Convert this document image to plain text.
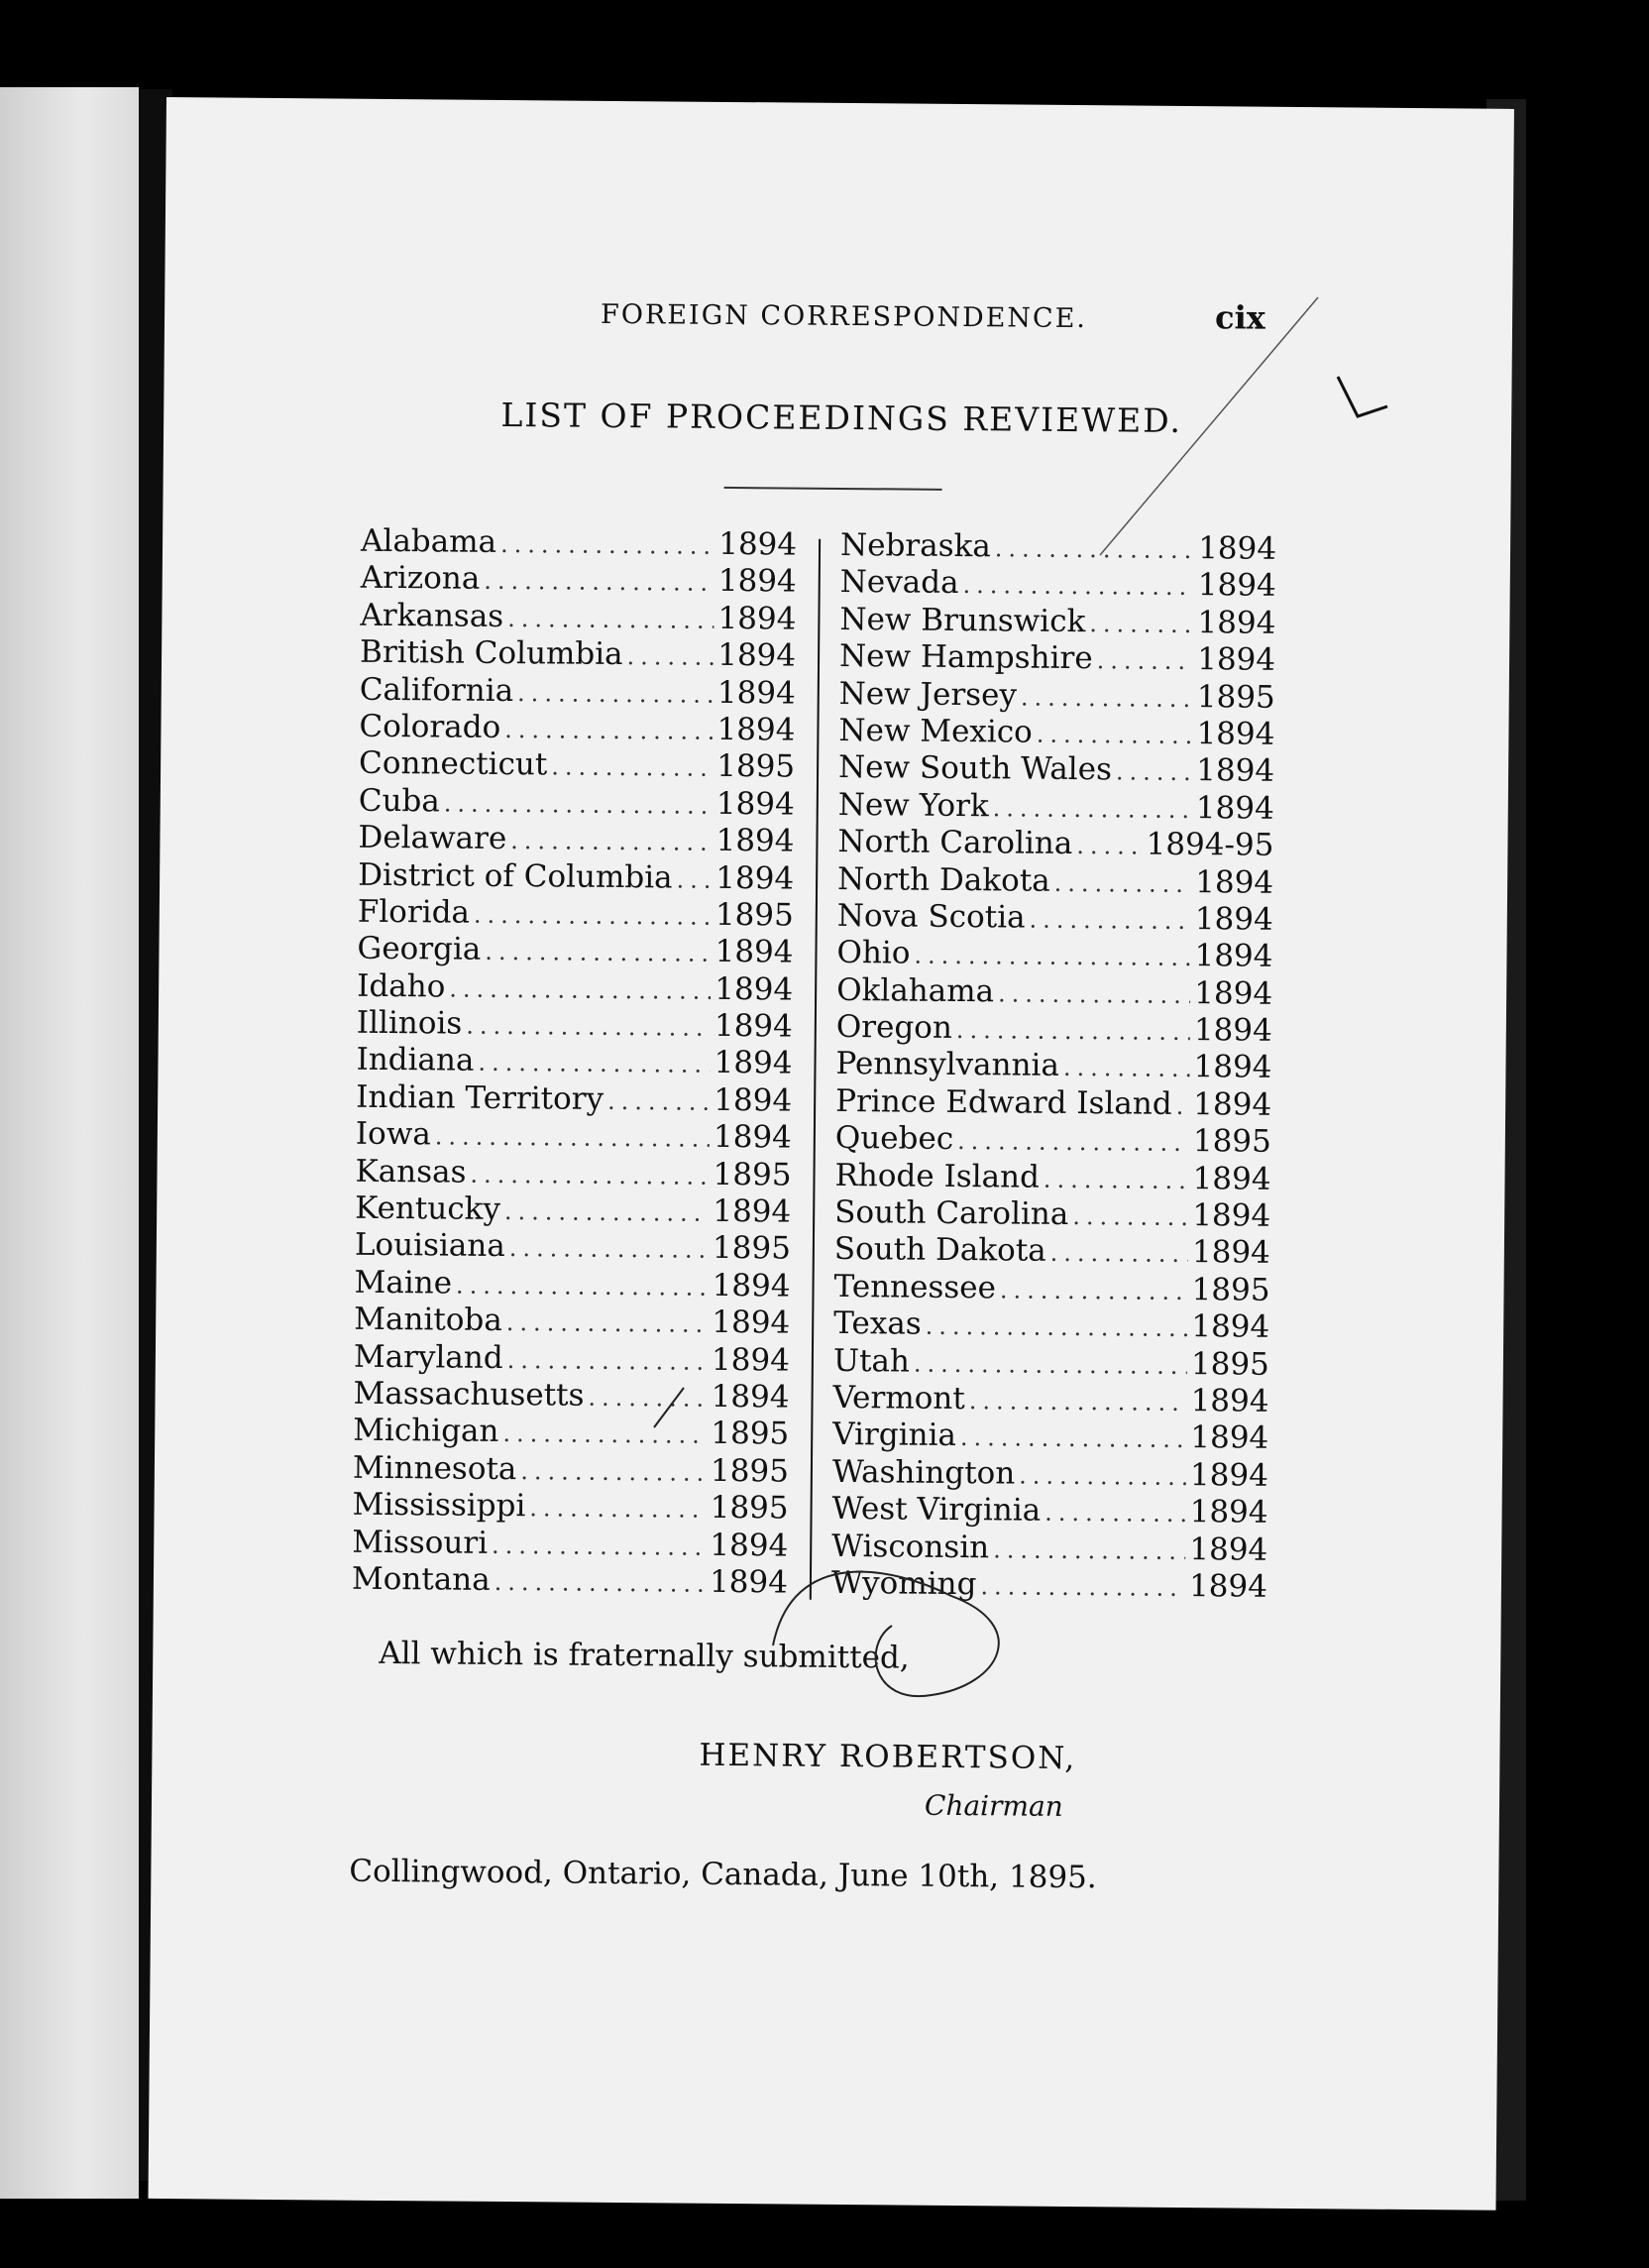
FOREIGN CORRESPONDENCE.	cix
LIST OF PROCEEDINGS REVIEWED.
Alabama .....	1894
Arizona .....	1894
Arkansas .....	1894
British Columbia .....	1894
California .....	1894
Colorado .....	1894
Connecticut .....	1895
Cuba .....	1894
Delaware .....	1894
District of Columbia ..... 1894
Florida .....	1895
Georgia .....	1894
Idaho .....	1894
Illinois .....	1894
Indiana .....	1894
Indian Territory .....	1894
Iowa .....	1894
Kansas .....	1895
Kentucky .....	1894
Louisiana .....	1895
Maine .....	1894
Manitoba .....	1894
Maryland .....	1894
Massachusetts .....	1894
Michigan .....	1895
Minnesota .....	1895
Mississippi .....	1895
Missouri .....	1894
Montana .....	1894
Nebraska .....	1894
Nevada .....	1894
New Brunswick .....	1894
New Hampshire .....	1894
New Jersey .....	1895
New Mexico .....	1894
New South Wales .....	1894
New York .....	1894
North Carolina ..... 1894-95
North Dakota .....	1894
Nova Scotia .....	1894
Ohio .....	1894
Oklahama .....	1894
Oregon .....	1894
Pennsylvannia .....	1894
Prince Edward Island ..... 1894
Quebec .....	1895
Rhode Island .....	1894
South Carolina .....	1894
South Dakota .....	1894
Tennessee .....	1895
Texas .....	1894
Utah .....	1895
Vermont .....	1894
Virginia .....	1894
Washington .....	1894
West Virginia .....	1894
Wisconsin .....	1894
Wyoming .....	1894
All which is fraternally submitted,
HENRY ROBERTSON,
Chairman
Collingwood, Ontario, Canada, June 10th, 1895.
